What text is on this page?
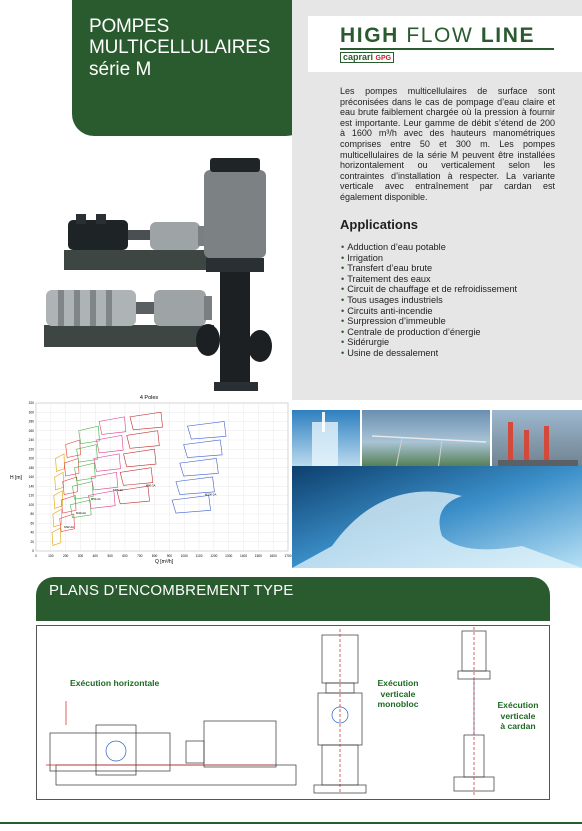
POMPES
MULTICELLULAIRES
série M
HIGH FLOW LINE
caprari GPG
Les pompes multicellulaires de surface sont préconisées dans le cas de pompage d’eau claire et eau brute faiblement chargée où la pression à fournir est importante. Leur gamme de débit s’étend de 200 à 1600 m³/h avec des hauteurs manométriques comprises entre 50 et 300 m. Les pompes multicellulaires de la série M peuvent être installées horizontalement ou verticalement selon les contraintes d’installation à respecter. La variante verticale avec entraînement par cardan est également disponible.
Applications
• Adduction d’eau potable
• Irrigation
• Transfert d’eau brute
• Traitement des eaux
• Circuit de chauffage et de refroidissement
• Tous usages industriels
• Circuits anti-incendie
• Surpression d’immeuble
• Centrale de production d’énergie
• Sidérurgie
• Usine de dessalement
4 Poles
0	100	200	300	400	500	600	700	800	900	1000 1100 1200 1300 1400 1500 1600 1700
0
20
40
60
80
100
120
140
160
180
200
220
240
260
280
300
320
M32-2A
M40-2A
M50-2A
M65-3A
M80-3A
M100-2A
Q [m³/h]
H [m]
PLANS D’ENCOMBREMENT TYPE
Exécution horizontale	Exécution
verticale
monobloc	Exécution
verticale
à cardan
